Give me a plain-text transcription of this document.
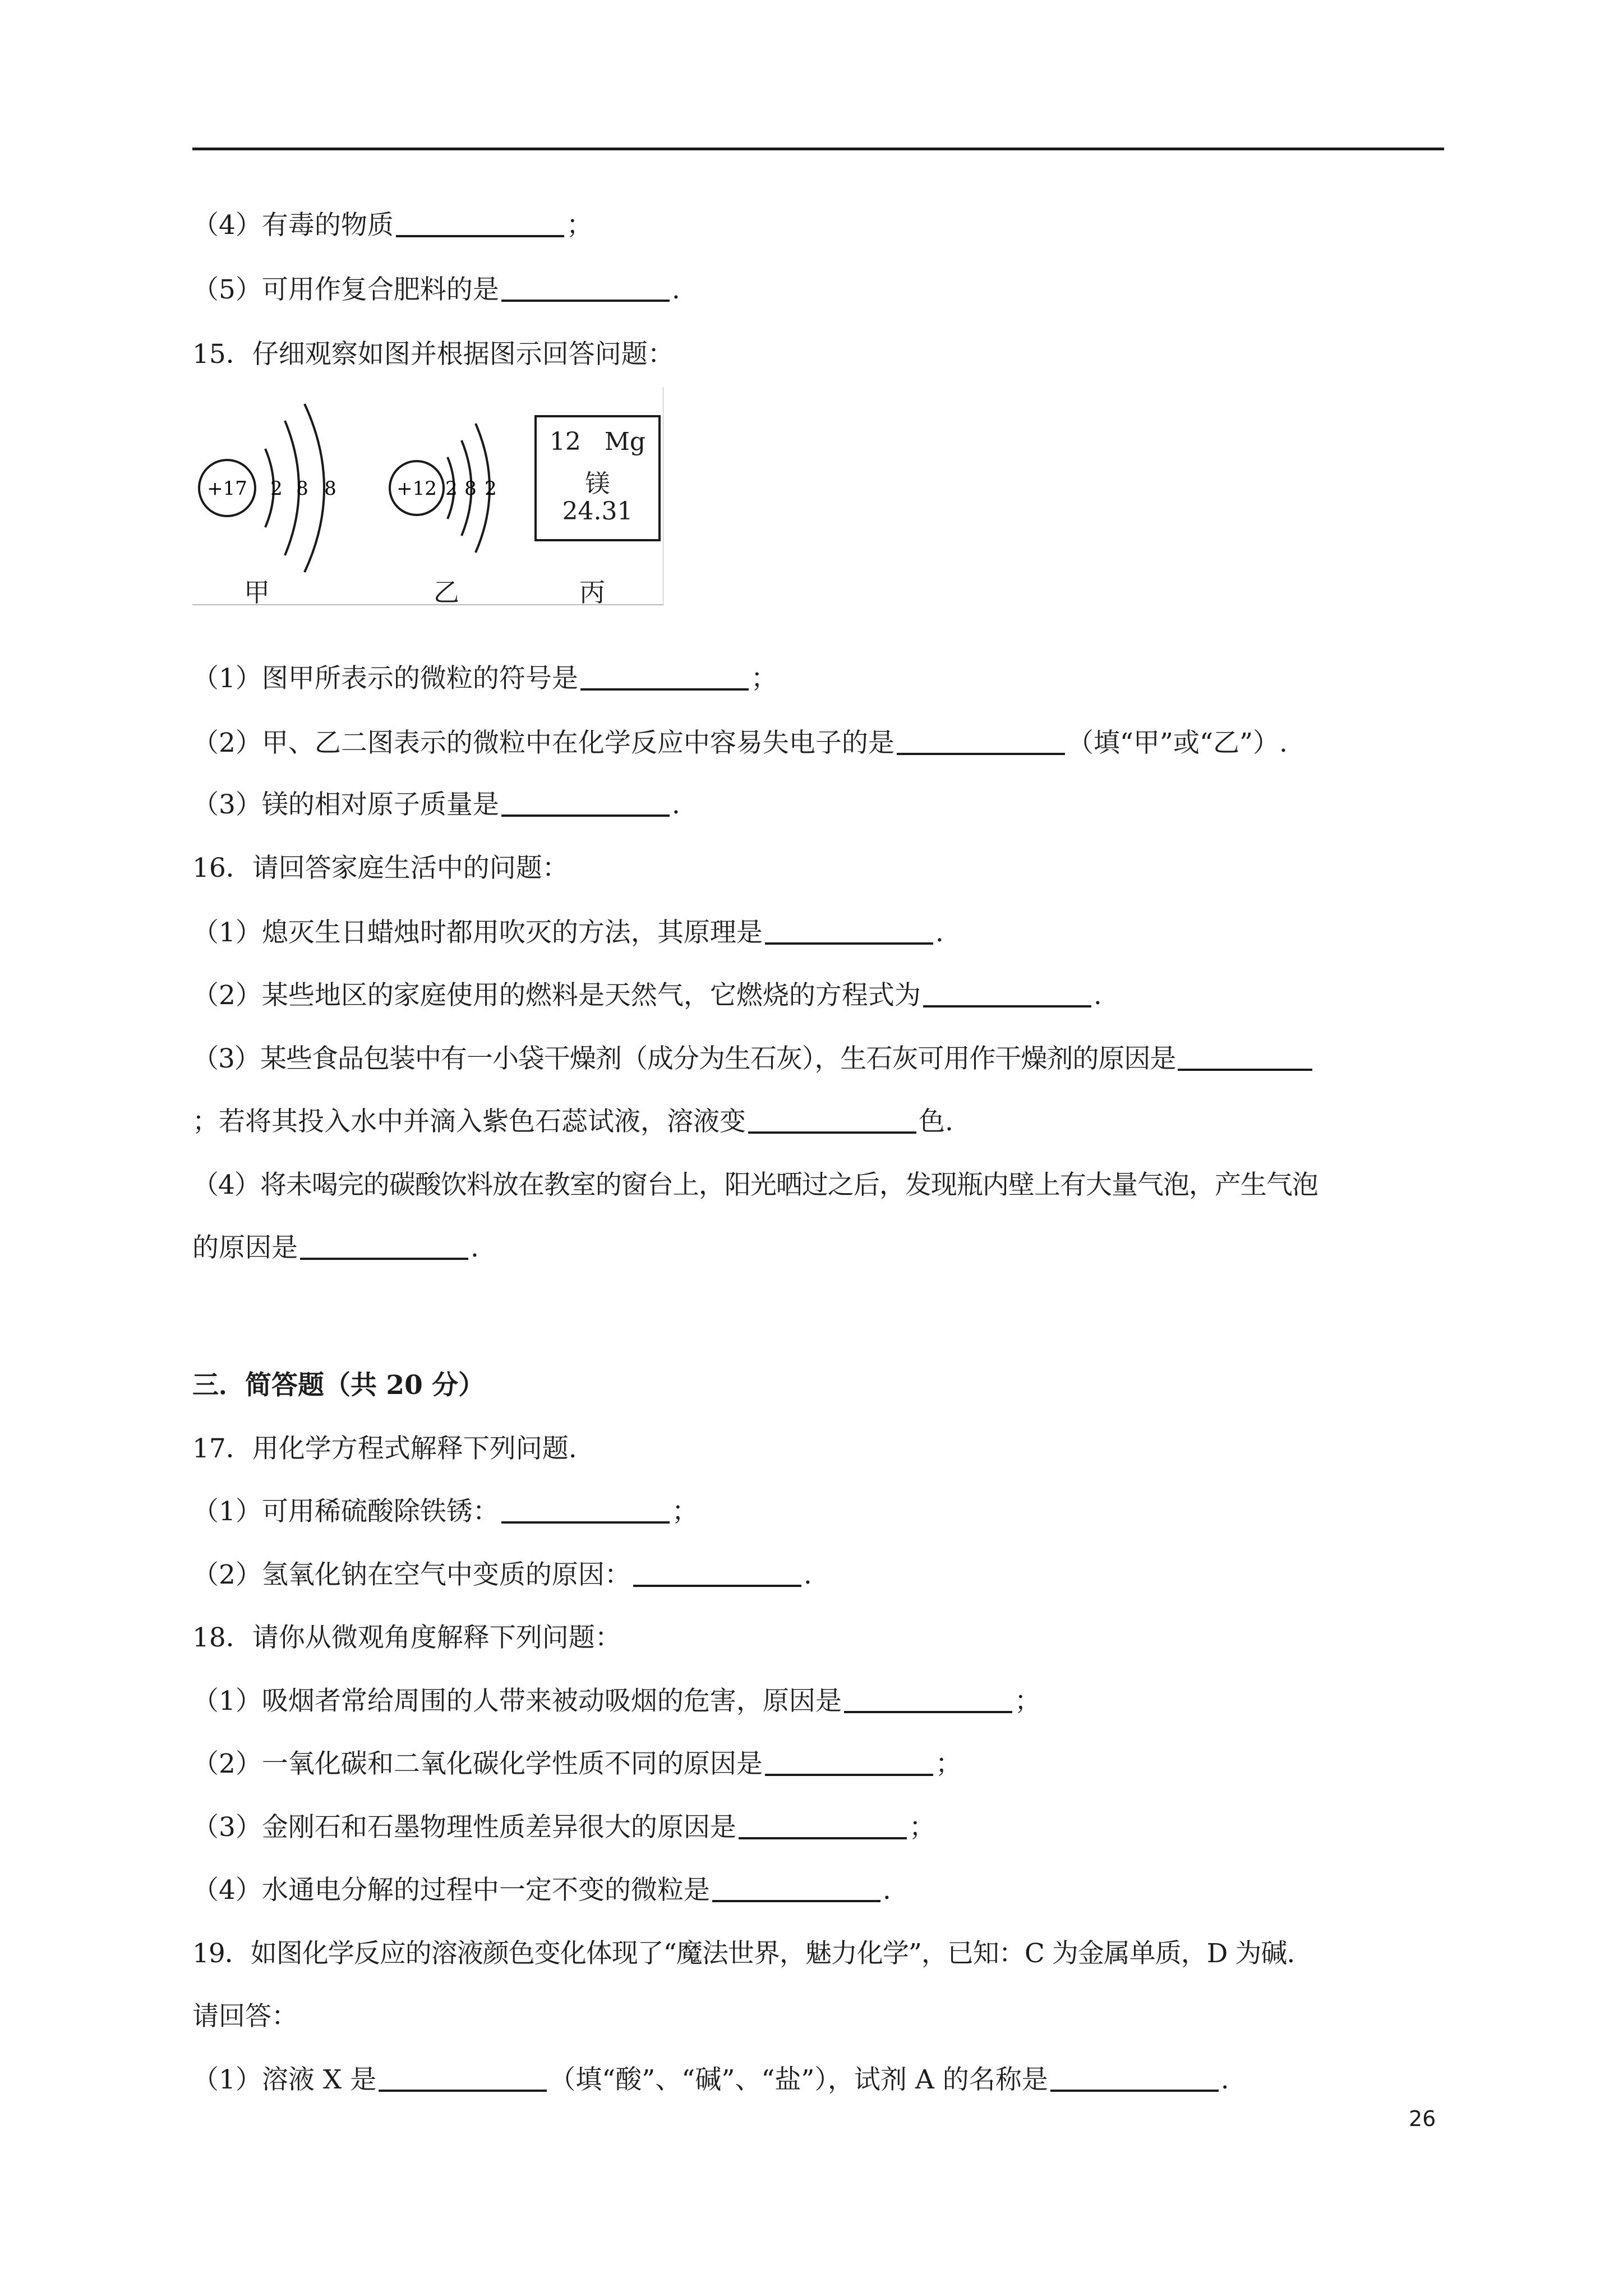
（4）有毒的物质	；
（5）可用作复合肥料的是	.
15．仔细观察如图并根据图示回答问题：
+17 2 8 8	+12 2 8 2
12 Mg
镁
24.31
甲	乙	丙
（1）图甲所表示的微粒的符号是	；
（2）甲、乙二图表示的微粒中在化学反应中容易失电子的是	（填“甲”或“乙”）.
（3）镁的相对原子质量是	.
16．请回答家庭生活中的问题：
（1）熄灭生日蜡烛时都用吹灭的方法，其原理是	.
（2）某些地区的家庭使用的燃料是天然气，它燃烧的方程式为	.
（3）某些食品包装中有一小袋干燥剂（成分为生石灰），生石灰可用作干燥剂的原因是
；若将其投入水中并滴入紫色石蕊试液，溶液变	色.
（4）将未喝完的碳酸饮料放在教室的窗台上，阳光晒过之后，发现瓶内壁上有大量气泡，产生气泡
的原因是	.
三．简答题（共 20 分）
17．用化学方程式解释下列问题.
（1）可用稀硫酸除铁锈：	；
（2）氢氧化钠在空气中变质的原因：	.
18．请你从微观角度解释下列问题：
（1）吸烟者常给周围的人带来被动吸烟的危害，原因是	；
（2）一氧化碳和二氧化碳化学性质不同的原因是	；
（3）金刚石和石墨物理性质差异很大的原因是	；
（4）水通电分解的过程中一定不变的微粒是	.
19．如图化学反应的溶液颜色变化体现了“魔法世界，魅力化学”，已知：C 为金属单质，D 为碱.
请回答：
（1）溶液 X 是	（填“酸”、“碱”、“盐”），试剂 A 的名称是	.
26
